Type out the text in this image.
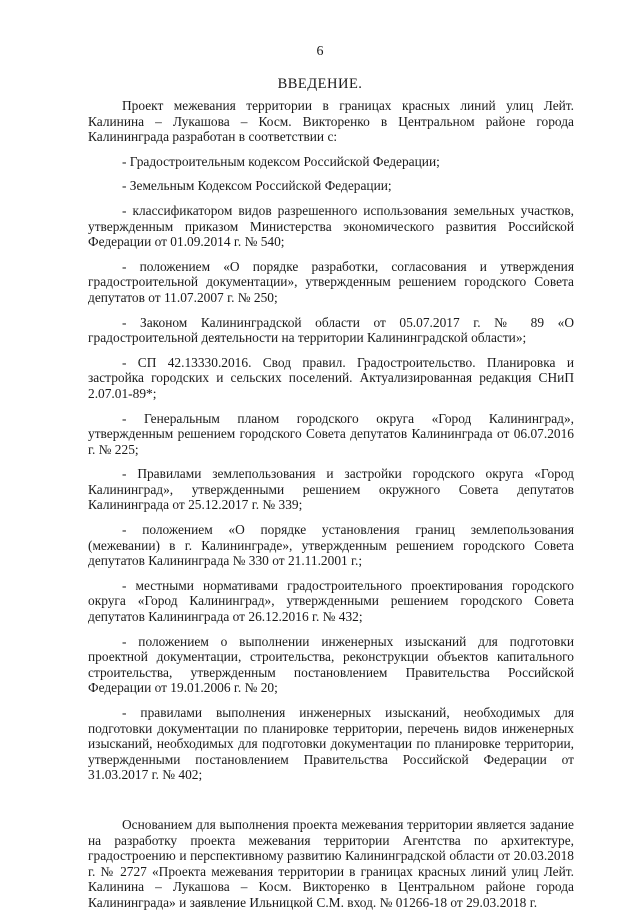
6
ВВЕДЕНИЕ.

Проект межевания территории в границах красных линий улиц Лейт. Калинина – Лукашова – Косм. Викторенко в Центральном районе города Калининграда разработан в соответствии с:

- Градостроительным кодексом Российской Федерации;

- Земельным Кодексом Российской Федерации;

- классификатором видов разрешенного использования земельных участков, утвержденным приказом Министерства экономического развития Российской Федерации от 01.09.2014 г. № 540;

- положением «О порядке разработки, согласования и утверждения градостроительной документации», утвержденным решением городского Совета депутатов от 11.07.2007 г. № 250;

- Законом Калининградской области от 05.07.2017 г. № 89 «О градостроительной деятельности на территории Калининградской области»;

- СП 42.13330.2016. Свод правил. Градостроительство. Планировка и застройка городских и сельских поселений. Актуализированная редакция СНиП 2.07.01-89*;

- Генеральным планом городского округа «Город Калининград», утвержденным решением городского Совета депутатов Калининграда от 06.07.2016 г. № 225;

- Правилами землепользования и застройки городского округа «Город Калининград», утвержденными решением окружного Совета депутатов Калининграда от 25.12.2017 г. № 339;

- положением «О порядке установления границ землепользования (межевании) в г. Калининграде», утвержденным решением городского Совета депутатов Калининграда № 330 от 21.11.2001 г.;

- местными нормативами градостроительного проектирования городского округа «Город Калининград», утвержденными решением городского Совета депутатов Калининграда от 26.12.2016 г. № 432;

- положением о выполнении инженерных изысканий для подготовки проектной документации, строительства, реконструкции объектов капитального строительства, утвержденным постановлением Правительства Российской Федерации от 19.01.2006 г. № 20;

- правилами выполнения инженерных изысканий, необходимых для подготовки документации по планировке территории, перечень видов инженерных изысканий, необходимых для подготовки документации по планировке территории, утвержденными постановлением Правительства Российской Федерации от 31.03.2017 г. № 402;

Основанием для выполнения проекта межевания территории является задание на разработку проекта межевания территории Агентства по архитектуре, градостроению и перспективному развитию Калининградской области от 20.03.2018 г. № 2727 «Проекта межевания территории в границах красных линий улиц Лейт. Калинина – Лукашова – Косм. Викторенко в Центральном районе города Калининграда» и заявление Ильницкой С.М. вход. № 01266-18 от 29.03.2018 г.
